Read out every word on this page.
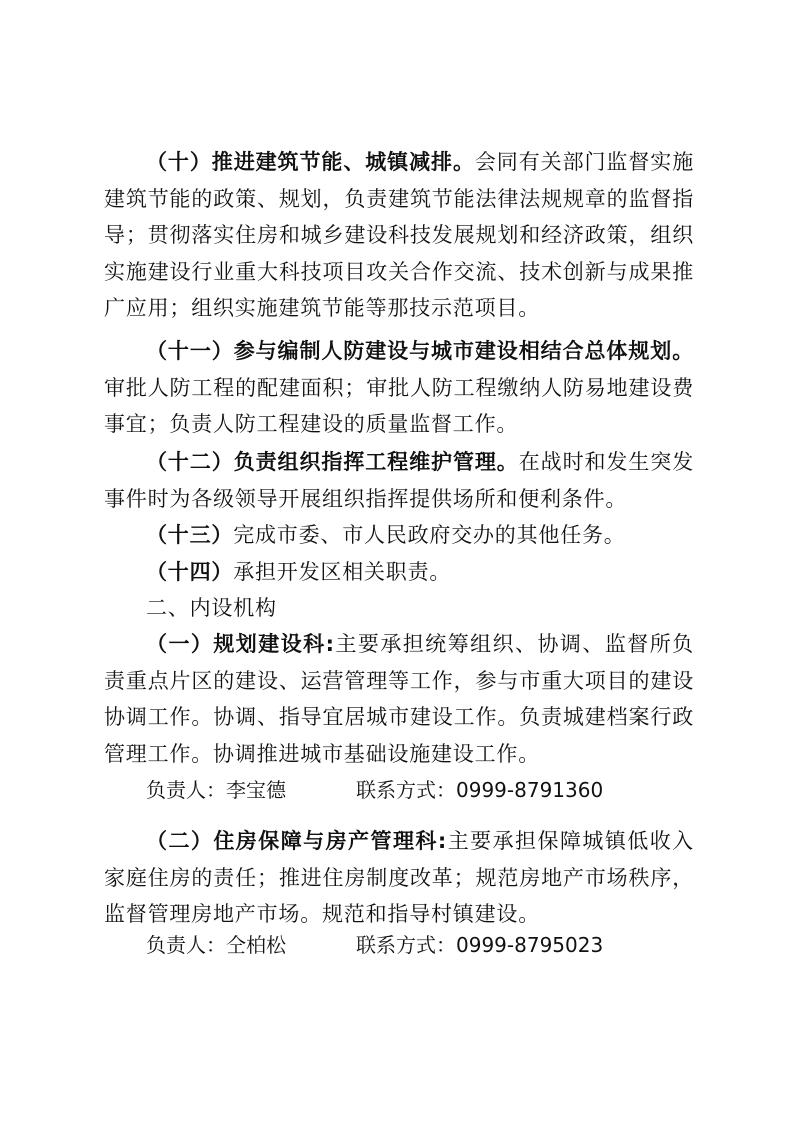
（十）推进建筑节能、城镇减排。会同有关部门监督实施建筑节能的政策、规划，负责建筑节能法律法规规章的监督指导；贯彻落实住房和城乡建设科技发展规划和经济政策，组织实施建设行业重大科技项目攻关合作交流、技术创新与成果推广应用；组织实施建筑节能等那技示范项目。

（十一）参与编制人防建设与城市建设相结合总体规划。审批人防工程的配建面积；审批人防工程缴纳人防易地建设费事宜；负责人防工程建设的质量监督工作。

（十二）负责组织指挥工程维护管理。在战时和发生突发事件时为各级领导开展组织指挥提供场所和便利条件。

（十三）完成市委、市人民政府交办的其他任务。

（十四）承担开发区相关职责。

二、内设机构

（一）规划建设科:主要承担统筹组织、协调、监督所负责重点片区的建设、运营管理等工作，参与市重大项目的建设协调工作。协调、指导宜居城市建设工作。负责城建档案行政管理工作。协调推进城市基础设施建设工作。

负责人：李宝德	联系方式：0999-8791360

（二）住房保障与房产管理科:主要承担保障城镇低收入家庭住房的责任；推进住房制度改革；规范房地产市场秩序，监督管理房地产市场。规范和指导村镇建设。

负责人：仝柏松	联系方式：0999-8795023
